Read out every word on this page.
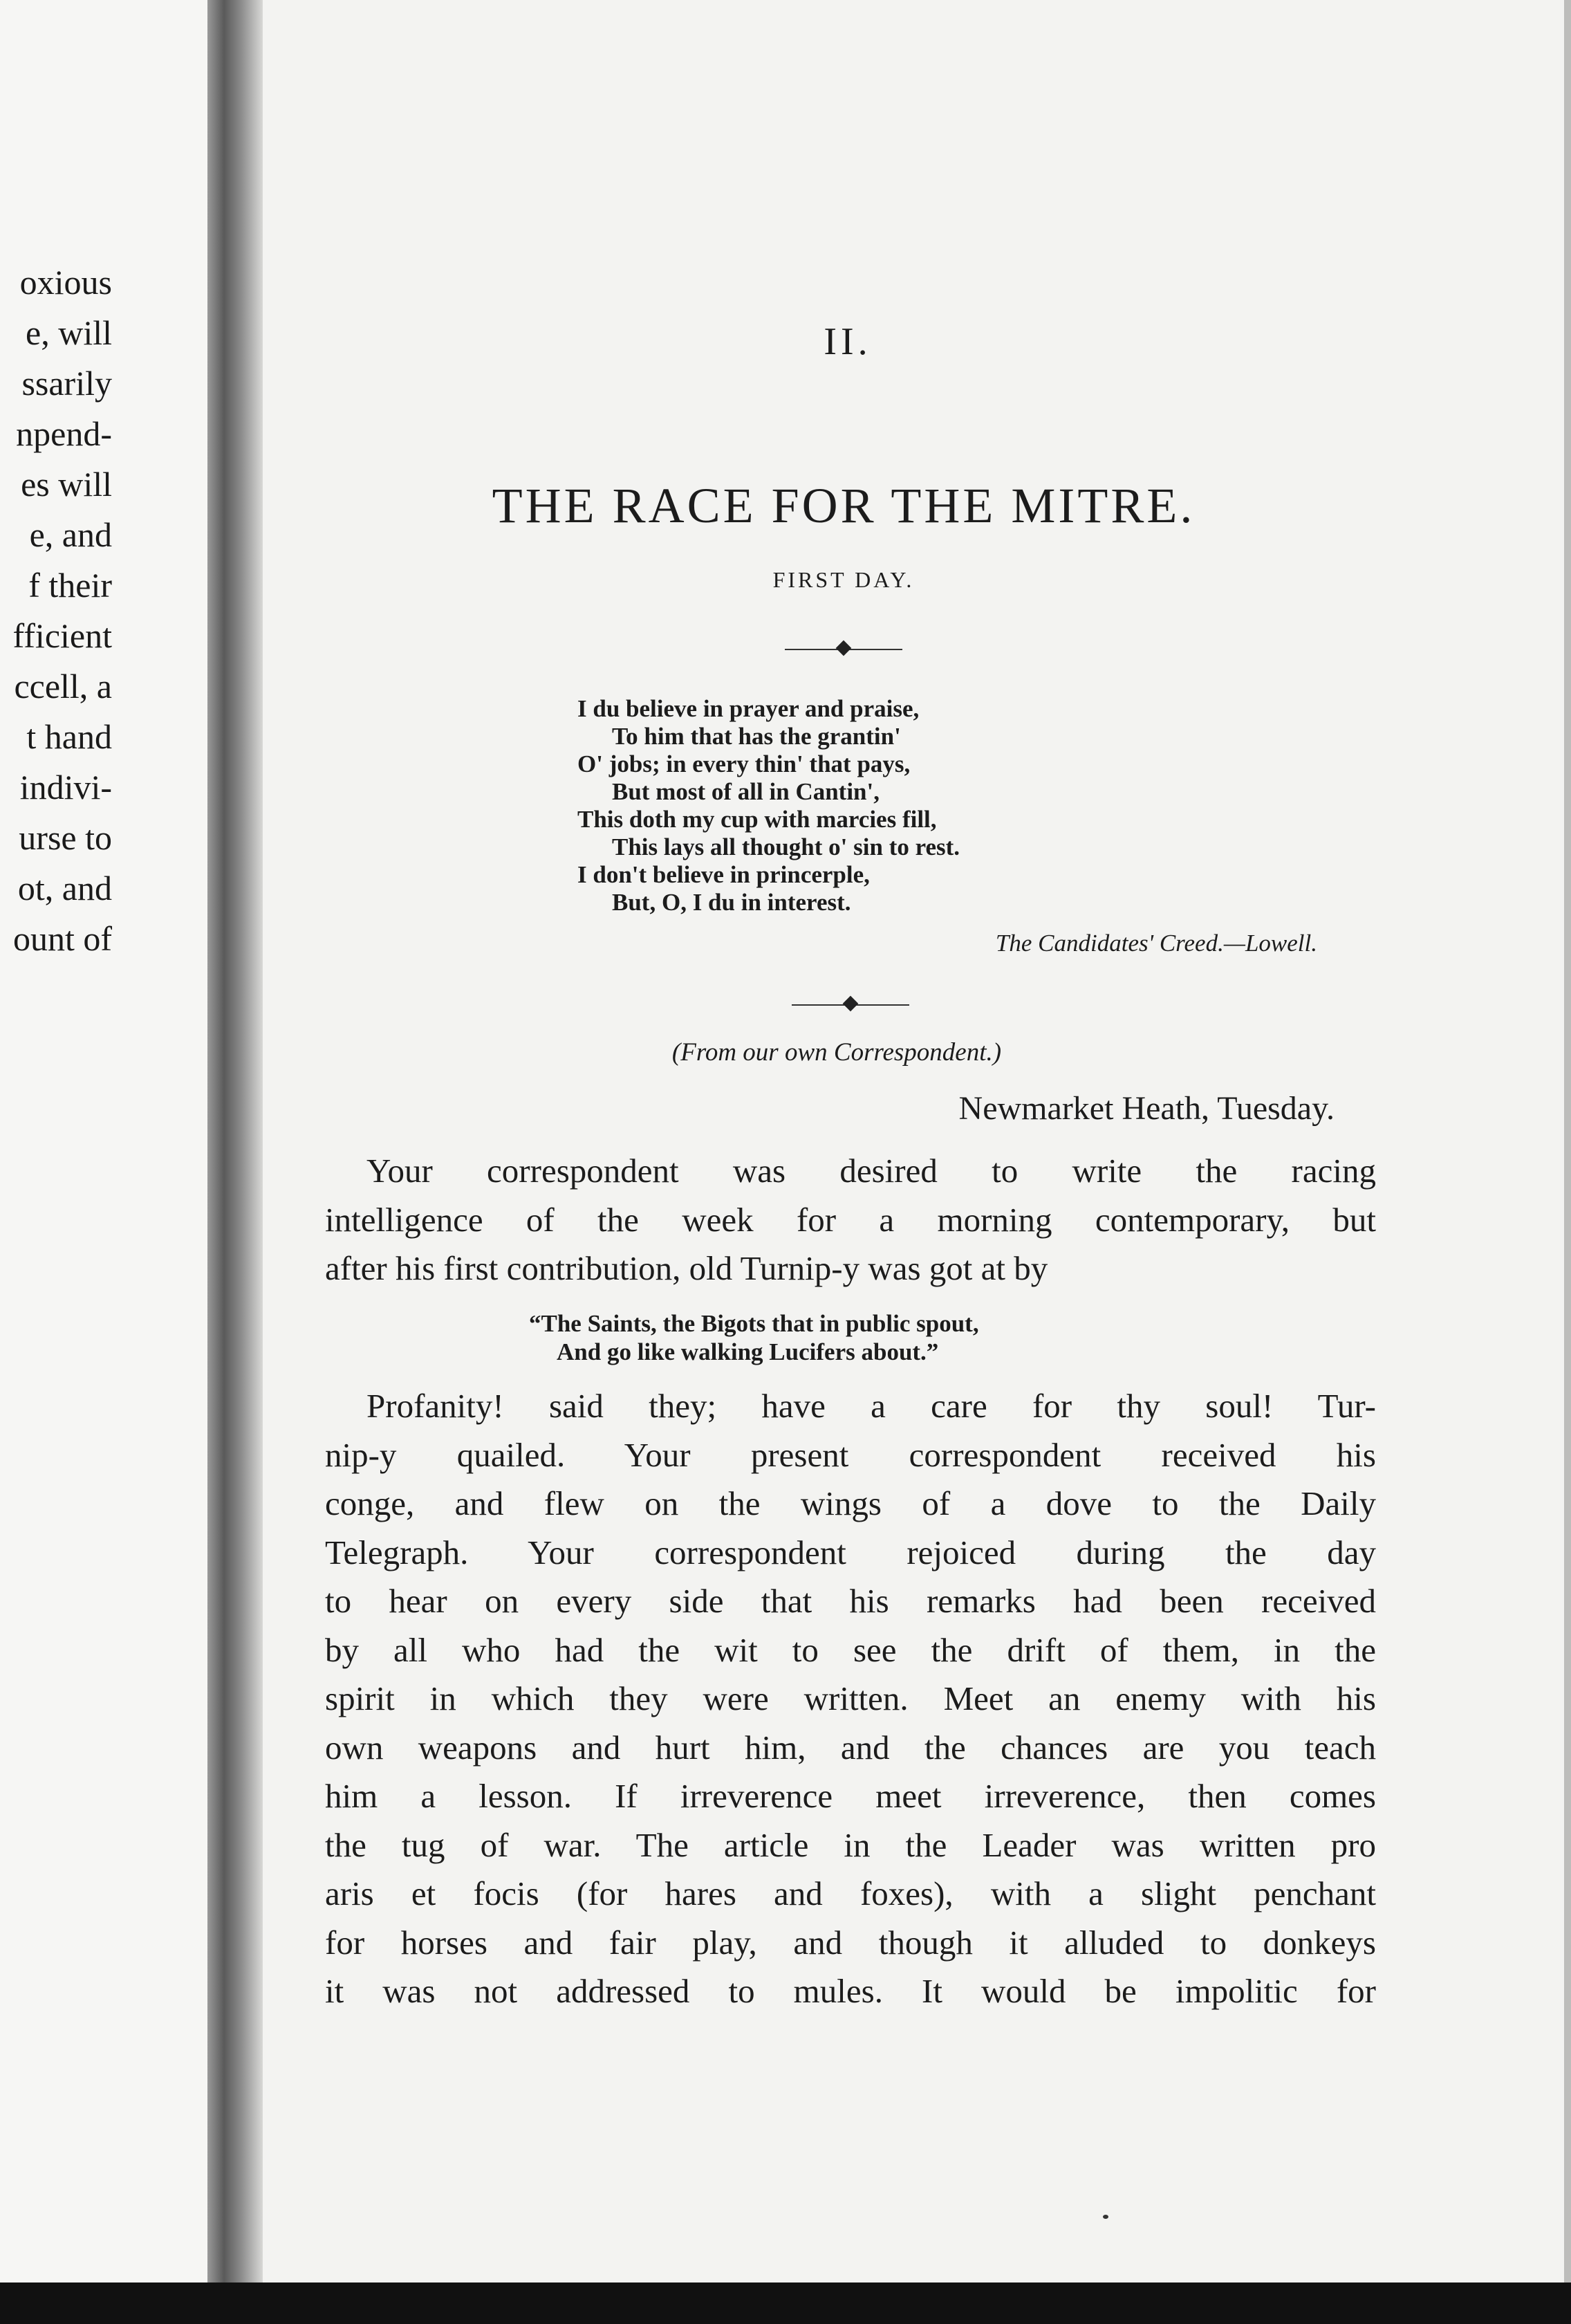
oxious
e, will
ssarily
npend-
es will
e, and
f their
fficient
ccell, a
t hand
indivi-
urse to
ot, and
ount of
II.
THE RACE FOR THE MITRE.
FIRST DAY.
I du believe in prayer and praise,
To him that has the grantin'
O' jobs; in every thin' that pays,
But most of all in Cantin',
This doth my cup with marcies fill,
This lays all thought o' sin to rest.
I don't believe in princerple,
But, O, I du in interest.
The Candidates' Creed.—Lowell.
(From our own Correspondent.)
Newmarket Heath, Tuesday.
Your correspondent was desired to write the racing
intelligence of the week for a morning contemporary, but
after his first contribution, old Turnip-y was got at by
“The Saints, the Bigots that in public spout,
And go like walking Lucifers about.”
Profanity! said they; have a care for thy soul! Tur-
nip-y quailed. Your present correspondent received his
conge, and flew on the wings of a dove to the Daily
Telegraph. Your correspondent rejoiced during the day
to hear on every side that his remarks had been received
by all who had the wit to see the drift of them, in the
spirit in which they were written. Meet an enemy with his
own weapons and hurt him, and the chances are you teach
him a lesson. If irreverence meet irreverence, then comes
the tug of war. The article in the Leader was written pro
aris et focis (for hares and foxes), with a slight penchant
for horses and fair play, and though it alluded to donkeys
it was not addressed to mules. It would be impolitic for
